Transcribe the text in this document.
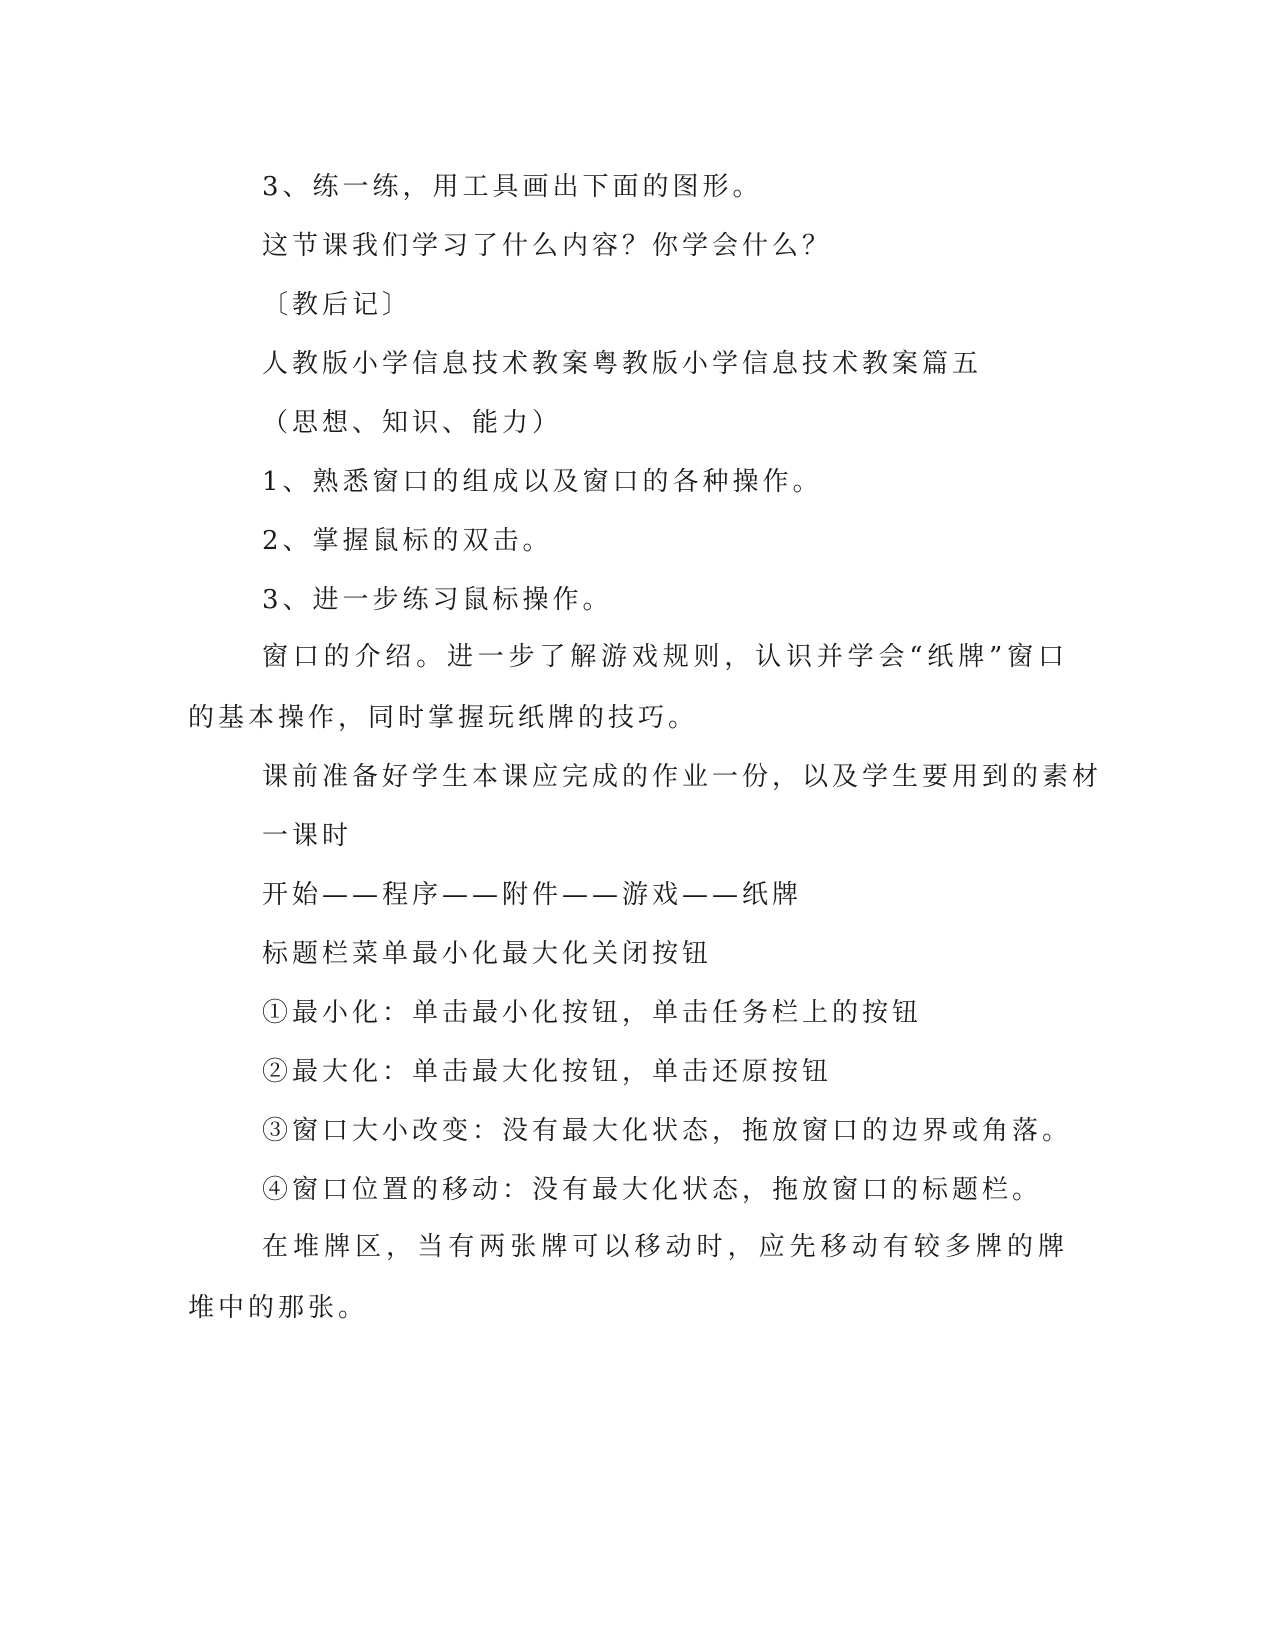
3、练一练，用工具画出下面的图形。
这节课我们学习了什么内容？你学会什么？
〔教后记〕
人教版小学信息技术教案粤教版小学信息技术教案篇五
（思想、知识、能力）
1、熟悉窗口的组成以及窗口的各种操作。
2、掌握鼠标的双击。
3、进一步练习鼠标操作。
窗口的介绍。进一步了解游戏规则，认识并学会“纸牌”窗口的基本操作，同时掌握玩纸牌的技巧。
课前准备好学生本课应完成的作业一份，以及学生要用到的素材
一课时
开始——程序——附件——游戏——纸牌
标题栏菜单最小化最大化关闭按钮
①最小化：单击最小化按钮，单击任务栏上的按钮
②最大化：单击最大化按钮，单击还原按钮
③窗口大小改变：没有最大化状态，拖放窗口的边界或角落。
④窗口位置的移动：没有最大化状态，拖放窗口的标题栏。
在堆牌区，当有两张牌可以移动时，应先移动有较多牌的牌堆中的那张。
